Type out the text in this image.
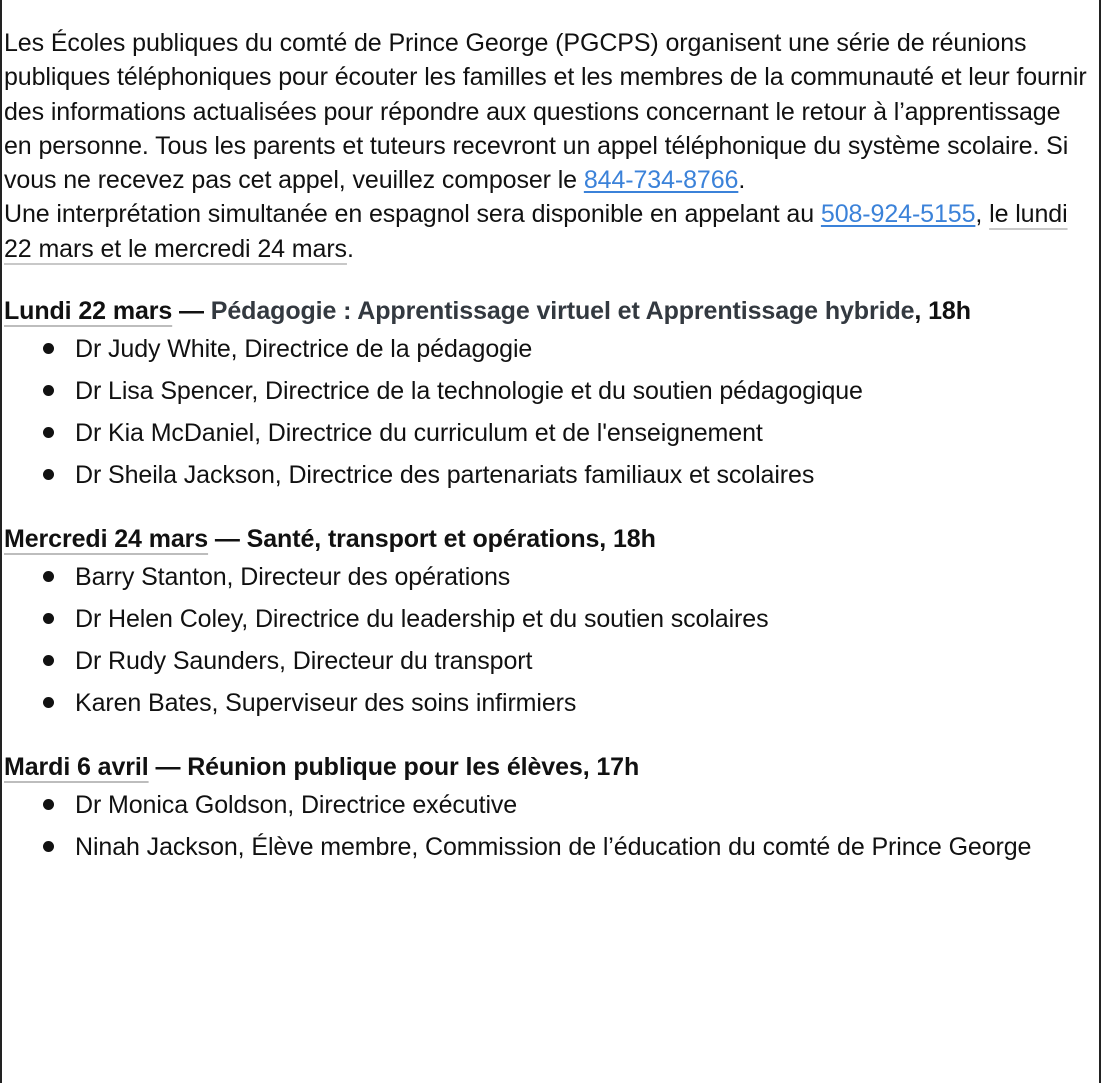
Les Écoles publiques du comté de Prince George (PGCPS) organisent une série de réunions publiques téléphoniques pour écouter les familles et les membres de la communauté et leur fournir des informations actualisées pour répondre aux questions concernant le retour à l’apprentissage en personne. Tous les parents et tuteurs recevront un appel téléphonique du système scolaire. Si vous ne recevez pas cet appel, veuillez composer le 844-734-8766.

Une interprétation simultanée en espagnol sera disponible en appelant au 508-924-5155, le lundi 22 mars et le mercredi 24 mars.

Lundi 22 mars — Pédagogie : Apprentissage virtuel et Apprentissage hybride, 18h
Dr Judy White, Directrice de la pédagogie
Dr Lisa Spencer, Directrice de la technologie et du soutien pédagogique
Dr Kia McDaniel, Directrice du curriculum et de l'enseignement
Dr Sheila Jackson, Directrice des partenariats familiaux et scolaires
Mercredi 24 mars — Santé, transport et opérations, 18h
Barry Stanton, Directeur des opérations
Dr Helen Coley, Directrice du leadership et du soutien scolaires
Dr Rudy Saunders, Directeur du transport
Karen Bates, Superviseur des soins infirmiers
Mardi 6 avril — Réunion publique pour les élèves, 17h
Dr Monica Goldson, Directrice exécutive
Ninah Jackson, Élève membre, Commission de l’éducation du comté de Prince George
